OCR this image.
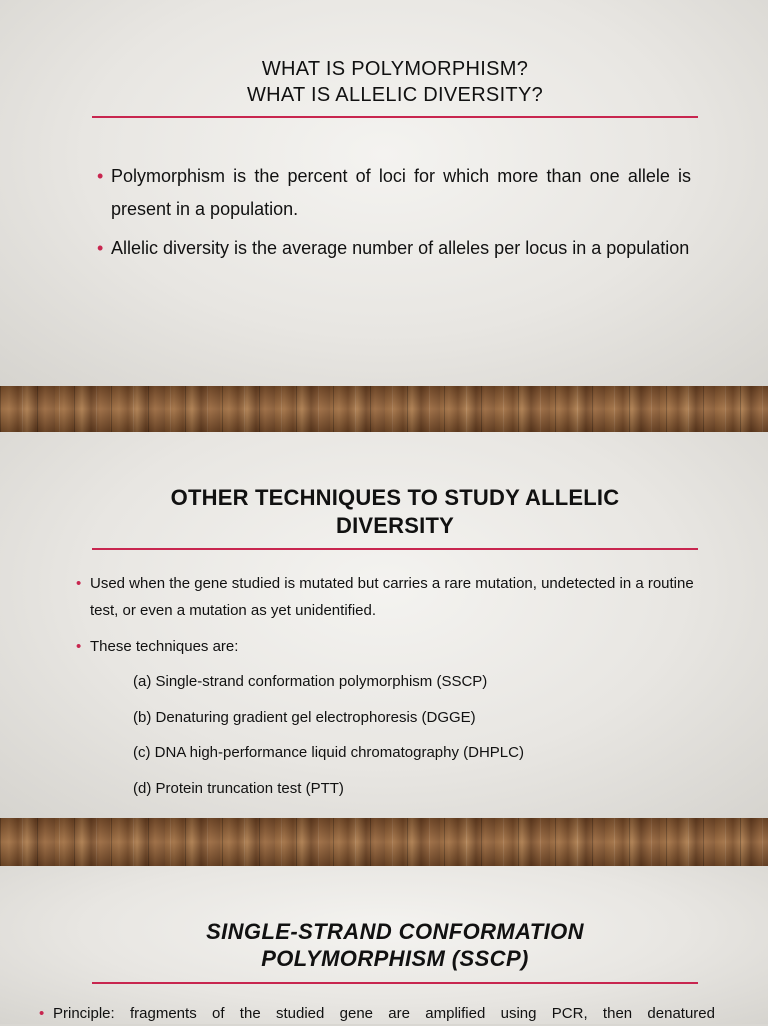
WHAT IS POLYMORPHISM?
WHAT IS ALLELIC DIVERSITY?
• Polymorphism is the percent of loci for which more than one allele is present in a population.
• Allelic diversity is the average number of alleles per locus in a population
OTHER TECHNIQUES TO STUDY ALLELIC
DIVERSITY
• Used when the gene studied is mutated but carries a rare mutation, undetected in a routine test, or even a mutation as yet unidentified.
• These techniques are:

(a) Single-strand conformation polymorphism (SSCP)

(b) Denaturing gradient gel electrophoresis (DGGE)

(c) DNA high-performance liquid chromatography (DHPLC)

(d) Protein truncation test (PTT)

SINGLE-STRAND CONFORMATION
POLYMORPHISM (SSCP)
• Principle: fragments of the studied gene are amplified using PCR, then denatured
